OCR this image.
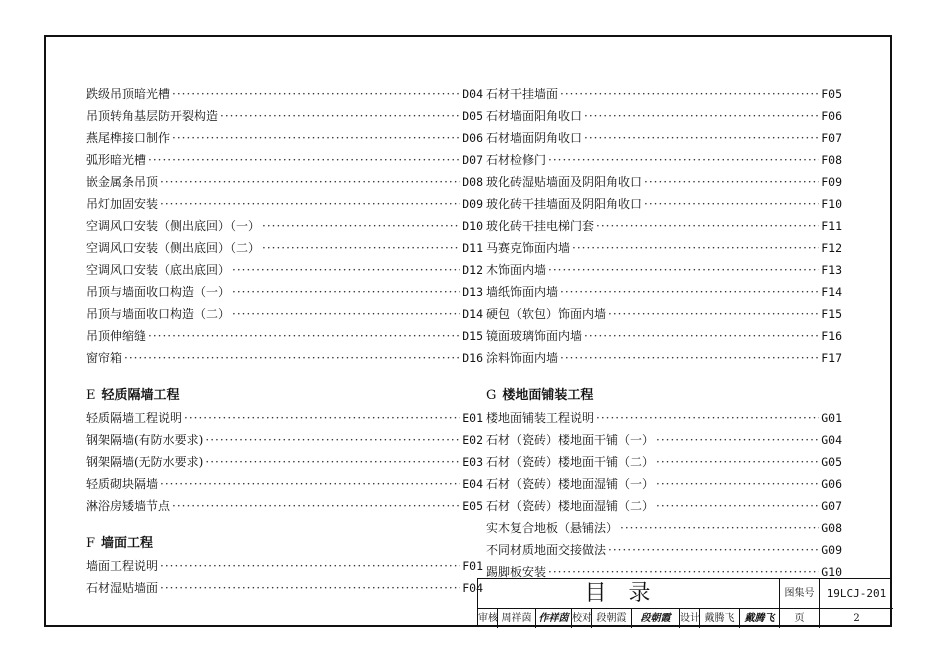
跌级吊顶暗光槽 ·····	D04
吊顶转角基层防开裂构造 ·····	D05
燕尾榫接口制作 ·····	D06
弧形暗光槽 ·····	D07
嵌金属条吊顶 ·····	D08
吊灯加固安装 ·····	D09
空调风口安装（侧出底回）（一） ·····	D10
空调风口安装（侧出底回）（二） ·····	D11
空调风口安装（底出底回） ·····	D12
吊顶与墙面收口构造（一） ·····	D13
吊顶与墙面收口构造（二） ·····	D14
吊顶伸缩缝 ·····	D15
窗帘箱 ·····	D16
E 轻质隔墙工程
轻质隔墙工程说明 ·····	E01
钢架隔墙(有防水要求) ·····	E02
钢架隔墙(无防水要求) ·····	E03
轻质砌块隔墙 ·····	E04
淋浴房矮墙节点 ·····	E05
F 墙面工程
墙面工程说明 ·····	F01
石材湿贴墙面 ·····	F04
石材干挂墙面 ·····	F05
石材墙面阳角收口 ·····	F06
石材墙面阴角收口 ·····	F07
石材检修门 ·····	F08
玻化砖湿贴墙面及阴阳角收口 ·····	F09
玻化砖干挂墙面及阴阳角收口 ·····	F10
玻化砖干挂电梯门套 ·····	F11
马赛克饰面内墙 ·····	F12
木饰面内墙 ·····	F13
墙纸饰面内墙 ·····	F14
硬包（软包）饰面内墙 ·····	F15
镜面玻璃饰面内墙 ·····	F16
涂料饰面内墙 ·····	F17
G 楼地面铺装工程
楼地面铺装工程说明 ·····	G01
石材（瓷砖）楼地面干铺（一） ·····	G04
石材（瓷砖）楼地面干铺（二） ·····	G05
石材（瓷砖）楼地面湿铺（一） ·····	G06
石材（瓷砖）楼地面湿铺（二） ·····	G07
实木复合地板（悬铺法） ·····	G08
不同材质地面交接做法 ·····	G09
踢脚板安装 ·····	G10
目录	图集号	19LCJ-201
审核 周祥茵 作祥茵 校对 段朝霞	段朝霞 设计 戴腾飞	戴腾飞	页	2
